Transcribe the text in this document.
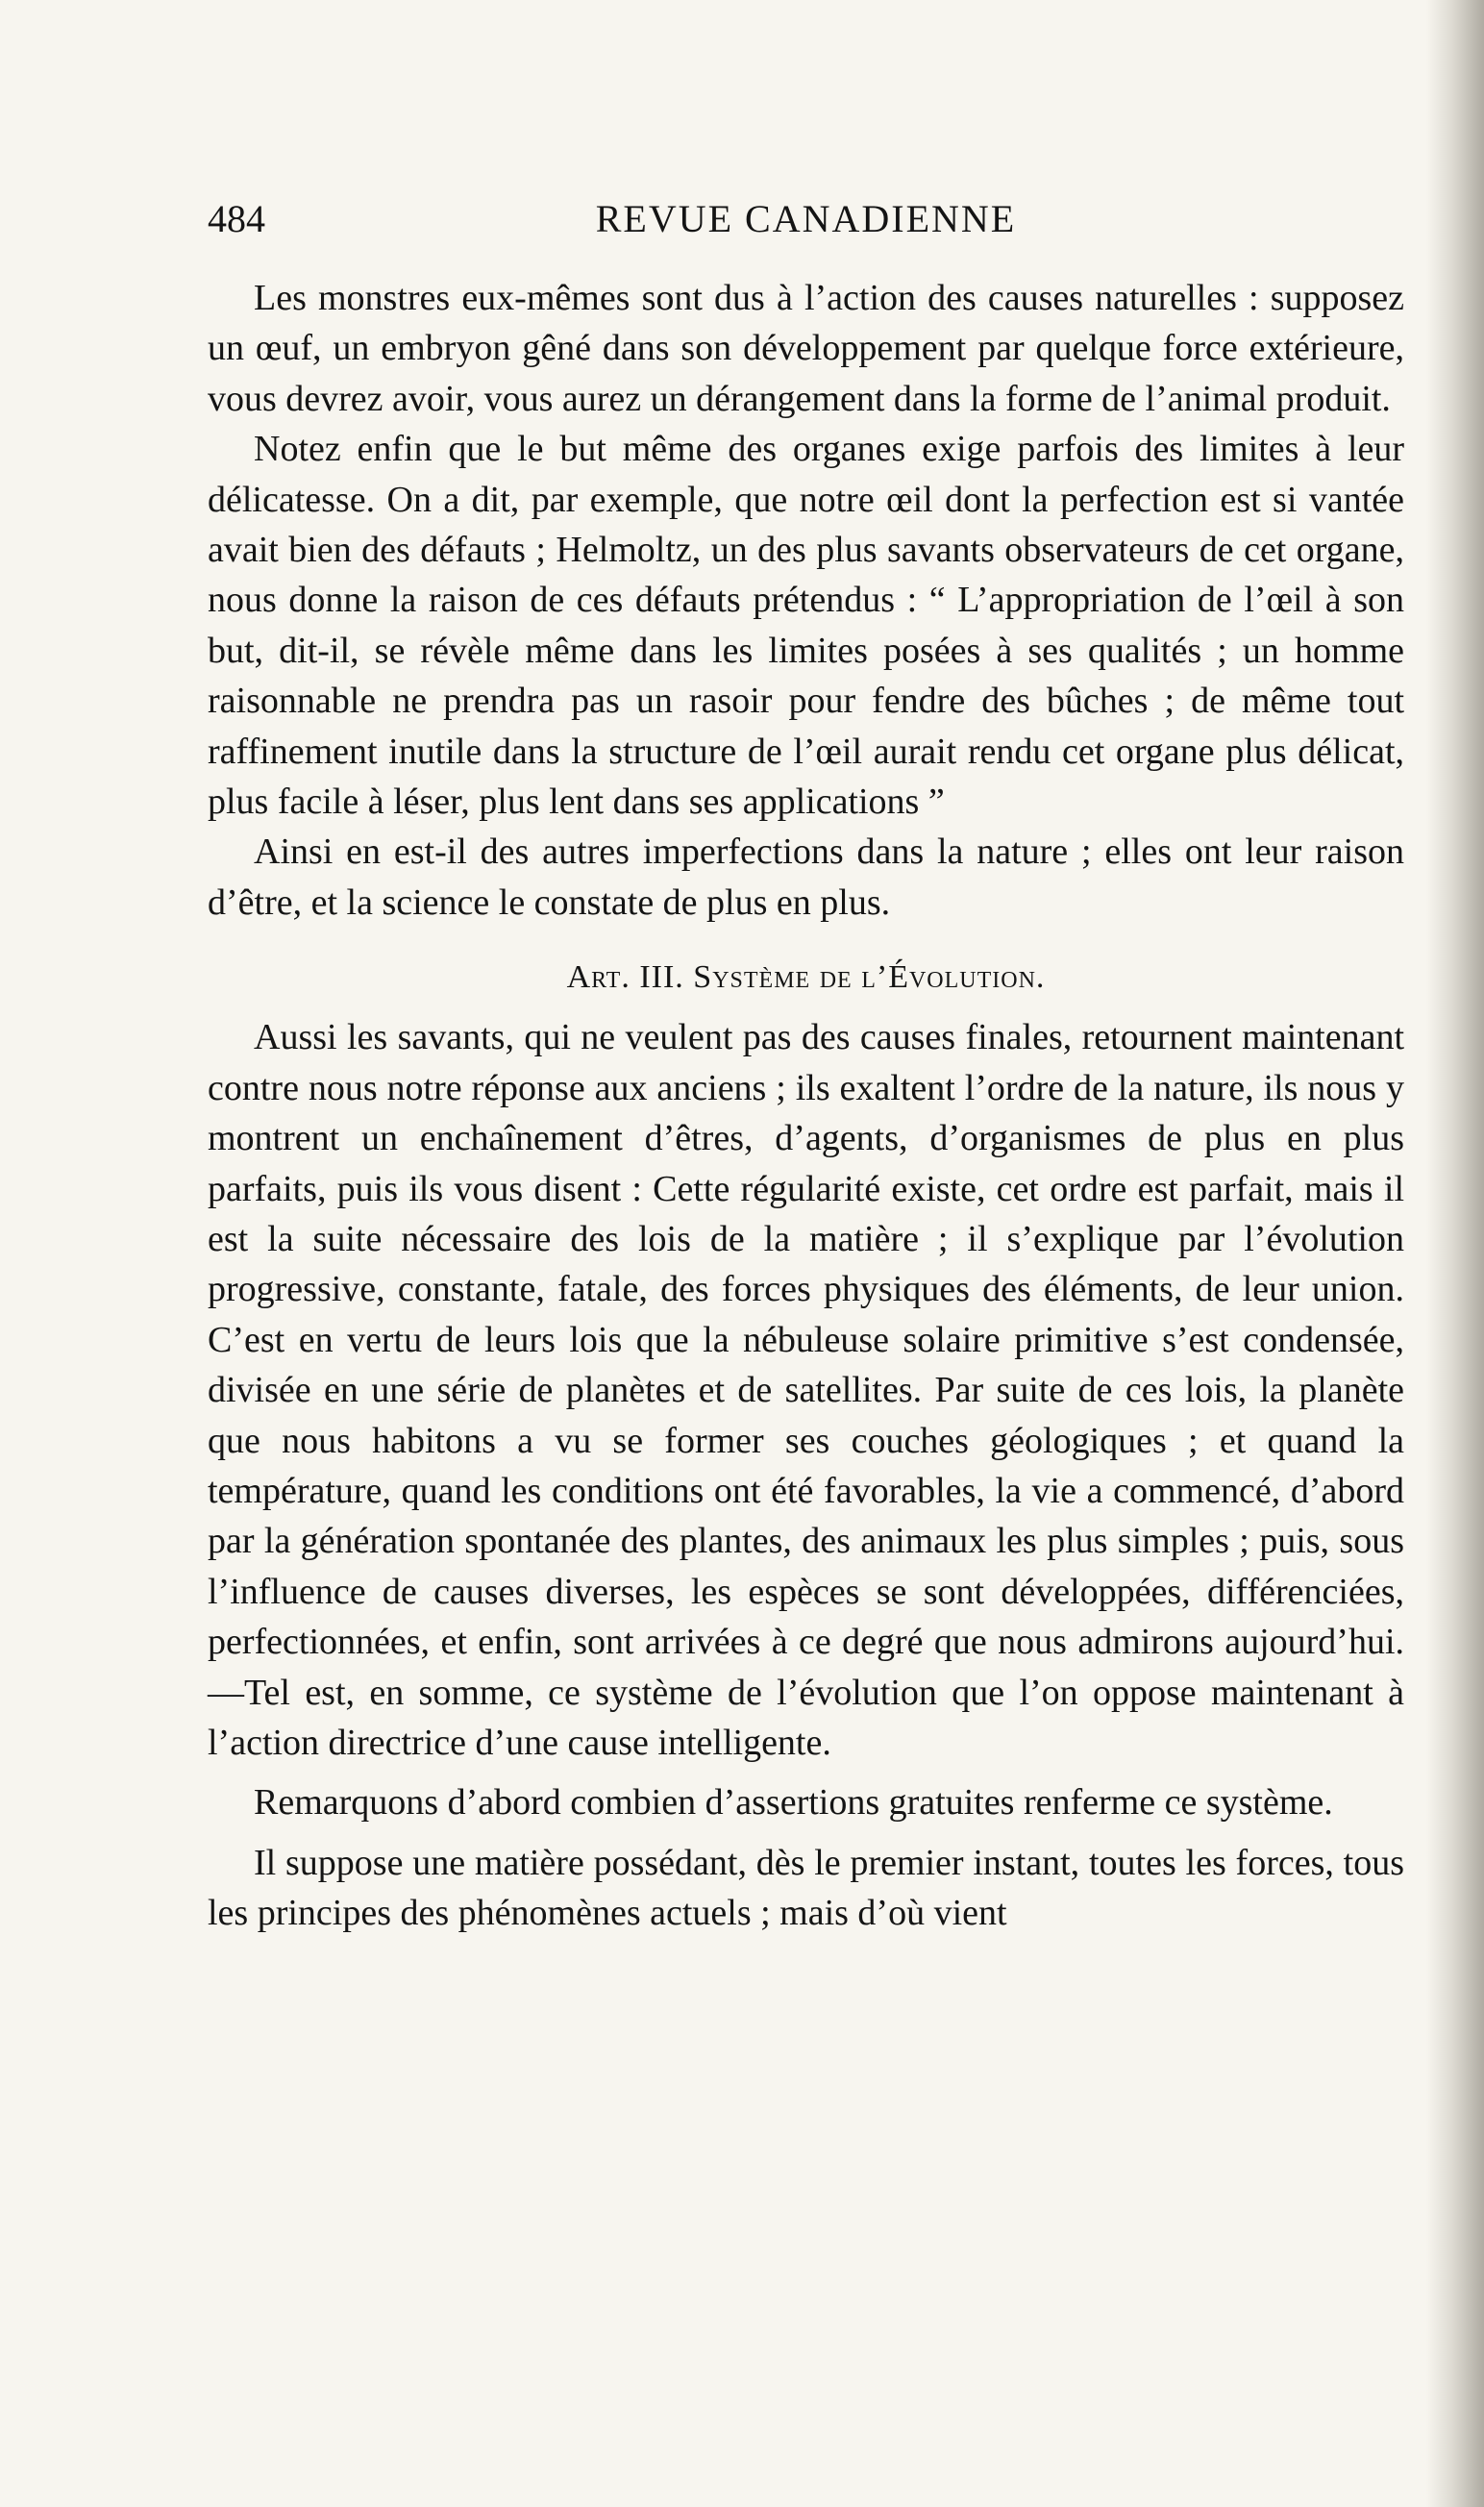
484	REVUE CANADIENNE

Les monstres eux-mêmes sont dus à l’action des causes naturelles : supposez un œuf, un embryon gêné dans son développement par quelque force extérieure, vous devrez avoir, vous aurez un dérangement dans la forme de l’animal produit.

Notez enfin que le but même des organes exige parfois des limites à leur délicatesse. On a dit, par exemple, que notre œil dont la perfection est si vantée avait bien des défauts ; Helmoltz, un des plus savants observateurs de cet organe, nous donne la raison de ces défauts prétendus : “ L’appropriation de l’œil à son but, dit-il, se révèle même dans les limites posées à ses qualités ; un homme raisonnable ne prendra pas un rasoir pour fendre des bûches ; de même tout raffinement inutile dans la structure de l’œil aurait rendu cet organe plus délicat, plus facile à léser, plus lent dans ses applications ”

Ainsi en est-il des autres imperfections dans la nature ; elles ont leur raison d’être, et la science le constate de plus en plus.

Art. III. Système de l’Évolution.

Aussi les savants, qui ne veulent pas des causes finales, retournent maintenant contre nous notre réponse aux anciens ; ils exaltent l’ordre de la nature, ils nous y montrent un enchaînement d’êtres, d’agents, d’organismes de plus en plus parfaits, puis ils vous disent : Cette régularité existe, cet ordre est parfait, mais il est la suite nécessaire des lois de la matière ; il s’explique par l’évolution progressive, constante, fatale, des forces physiques des éléments, de leur union. C’est en vertu de leurs lois que la nébuleuse solaire primitive s’est condensée, divisée en une série de planètes et de satellites. Par suite de ces lois, la planète que nous habitons a vu se former ses couches géologiques ; et quand la température, quand les conditions ont été favorables, la vie a commencé, d’abord par la génération spontanée des plantes, des animaux les plus simples ; puis, sous l’influence de causes diverses, les espèces se sont développées, différenciées, perfectionnées, et enfin, sont arrivées à ce degré que nous admirons aujourd’hui.—Tel est, en somme, ce système de l’évolution que l’on oppose maintenant à l’action directrice d’une cause intelligente.

Remarquons d’abord combien d’assertions gratuites renferme ce système.

Il suppose une matière possédant, dès le premier instant, toutes les forces, tous les principes des phénomènes actuels ; mais d’où vient
